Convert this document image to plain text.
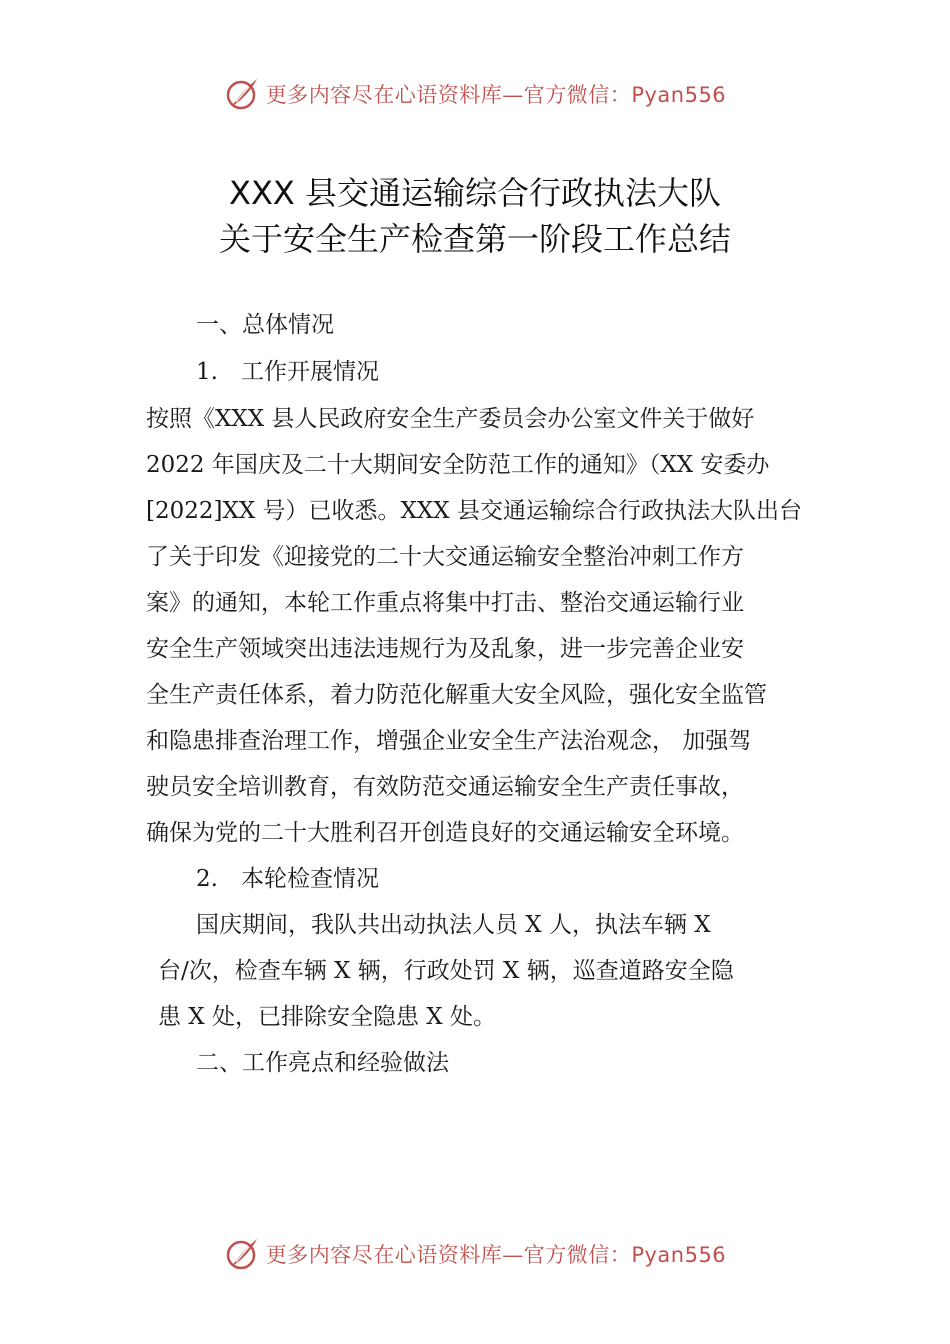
更多内容尽在心语资料库—官方微信：Pyan556
XXX 县交通运输综合行政执法大队
关于安全生产检查第一阶段工作总结
一、总体情况
1.　工作开展情况
按照《XXX 县人民政府安全生产委员会办公室文件关于做好
2022 年国庆及二十大期间安全防范工作的通知》（XX 安委办
[2022]XX 号）已收悉。XXX 县交通运输综合行政执法大队出台
了关于印发《迎接党的二十大交通运输安全整治冲刺工作方
案》的通知，本轮工作重点将集中打击、整治交通运输行业
安全生产领域突出违法违规行为及乱象，进一步完善企业安
全生产责任体系，着力防范化解重大安全风险，强化安全监管
和隐患排查治理工作，增强企业安全生产法治观念， 加强驾
驶员安全培训教育，有效防范交通运输安全生产责任事故，
确保为党的二十大胜利召开创造良好的交通运输安全环境。
2.　本轮检查情况
国庆期间，我队共出动执法人员 X 人，执法车辆 X
台/次，检查车辆 X 辆，行政处罚 X 辆，巡查道路安全隐
患 X 处，已排除安全隐患 X 处。
二、工作亮点和经验做法
更多内容尽在心语资料库—官方微信：Pyan556
